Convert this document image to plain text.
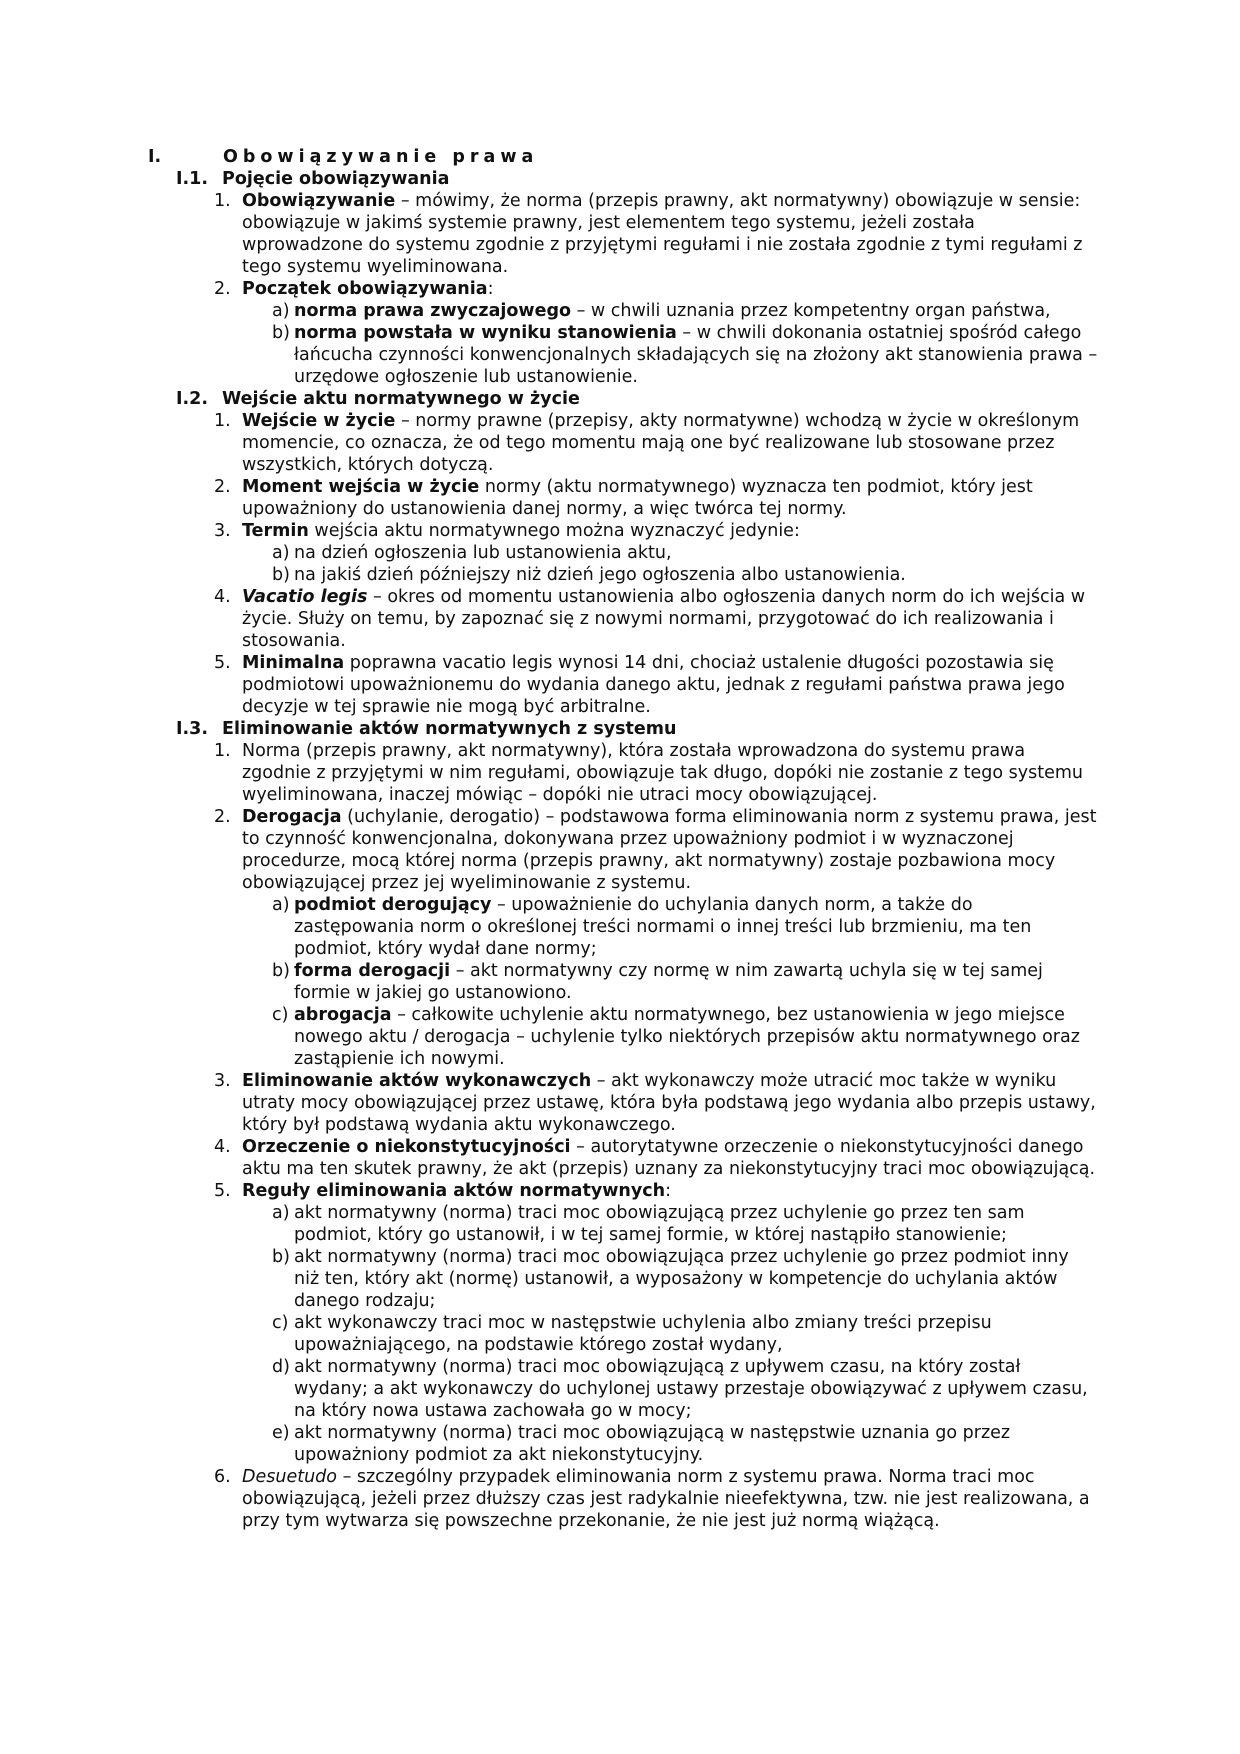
I.	Obowiązywanie prawa
I.1. Pojęcie obowiązywania
1. Obowiązywanie – mówimy, że norma (przepis prawny, akt normatywny) obowiązuje w sensie: obowiązuje w jakimś systemie prawny, jest elementem tego systemu, jeżeli została wprowadzone do systemu zgodnie z przyjętymi regułami i nie została zgodnie z tymi regułami z tego systemu wyeliminowana.
2. Początek obowiązywania:
a) norma prawa zwyczajowego – w chwili uznania przez kompetentny organ państwa,
b) norma powstała w wyniku stanowienia – w chwili dokonania ostatniej spośród całego łańcucha czynności konwencjonalnych składających się na złożony akt stanowienia prawa – urzędowe ogłoszenie lub ustanowienie.
I.2. Wejście aktu normatywnego w życie
1. Wejście w życie – normy prawne (przepisy, akty normatywne) wchodzą w życie w określonym momencie, co oznacza, że od tego momentu mają one być realizowane lub stosowane przez wszystkich, których dotyczą.
2. Moment wejścia w życie normy (aktu normatywnego) wyznacza ten podmiot, który jest upoważniony do ustanowienia danej normy, a więc twórca tej normy.
3. Termin wejścia aktu normatywnego można wyznaczyć jedynie:
a) na dzień ogłoszenia lub ustanowienia aktu,
b) na jakiś dzień późniejszy niż dzień jego ogłoszenia albo ustanowienia.
4. Vacatio legis – okres od momentu ustanowienia albo ogłoszenia danych norm do ich wejścia w życie. Służy on temu, by zapoznać się z nowymi normami, przygotować do ich realizowania i stosowania.
5. Minimalna poprawna vacatio legis wynosi 14 dni, chociaż ustalenie długości pozostawia się podmiotowi upoważnionemu do wydania danego aktu, jednak z regułami państwa prawa jego decyzje w tej sprawie nie mogą być arbitralne.
I.3. Eliminowanie aktów normatywnych z systemu
1. Norma (przepis prawny, akt normatywny), która została wprowadzona do systemu prawa zgodnie z przyjętymi w nim regułami, obowiązuje tak długo, dopóki nie zostanie z tego systemu wyeliminowana, inaczej mówiąc – dopóki nie utraci mocy obowiązującej.
2. Derogacja (uchylanie, derogatio) – podstawowa forma eliminowania norm z systemu prawa, jest to czynność konwencjonalna, dokonywana przez upoważniony podmiot i w wyznaczonej procedurze, mocą której norma (przepis prawny, akt normatywny) zostaje pozbawiona mocy obowiązującej przez jej wyeliminowanie z systemu.
a) podmiot derogujący – upoważnienie do uchylania danych norm, a także do zastępowania norm o określonej treści normami o innej treści lub brzmieniu, ma ten podmiot, który wydał dane normy;
b) forma derogacji – akt normatywny czy normę w nim zawartą uchyla się w tej samej formie w jakiej go ustanowiono.
c) abrogacja – całkowite uchylenie aktu normatywnego, bez ustanowienia w jego miejsce nowego aktu / derogacja – uchylenie tylko niektórych przepisów aktu normatywnego oraz zastąpienie ich nowymi.
3. Eliminowanie aktów wykonawczych – akt wykonawczy może utracić moc także w wyniku utraty mocy obowiązującej przez ustawę, która była podstawą jego wydania albo przepis ustawy, który był podstawą wydania aktu wykonawczego.
4. Orzeczenie o niekonstytucyjności – autorytatywne orzeczenie o niekonstytucyjności danego aktu ma ten skutek prawny, że akt (przepis) uznany za niekonstytucyjny traci moc obowiązującą.
5. Reguły eliminowania aktów normatywnych:
a) akt normatywny (norma) traci moc obowiązującą przez uchylenie go przez ten sam podmiot, który go ustanowił, i w tej samej formie, w której nastąpiło stanowienie;
b) akt normatywny (norma) traci moc obowiązująca przez uchylenie go przez podmiot inny niż ten, który akt (normę) ustanowił, a wyposażony w kompetencje do uchylania aktów danego rodzaju;
c) akt wykonawczy traci moc w następstwie uchylenia albo zmiany treści przepisu upoważniającego, na podstawie którego został wydany,
d) akt normatywny (norma) traci moc obowiązującą z upływem czasu, na który został wydany; a akt wykonawczy do uchylonej ustawy przestaje obowiązywać z upływem czasu, na który nowa ustawa zachowała go w mocy;
e) akt normatywny (norma) traci moc obowiązującą w następstwie uznania go przez upoważniony podmiot za akt niekonstytucyjny.
6. Desuetudo – szczególny przypadek eliminowania norm z systemu prawa. Norma traci moc obowiązującą, jeżeli przez dłuższy czas jest radykalnie nieefektywna, tzw. nie jest realizowana, a przy tym wytwarza się powszechne przekonanie, że nie jest już normą wiążącą.
